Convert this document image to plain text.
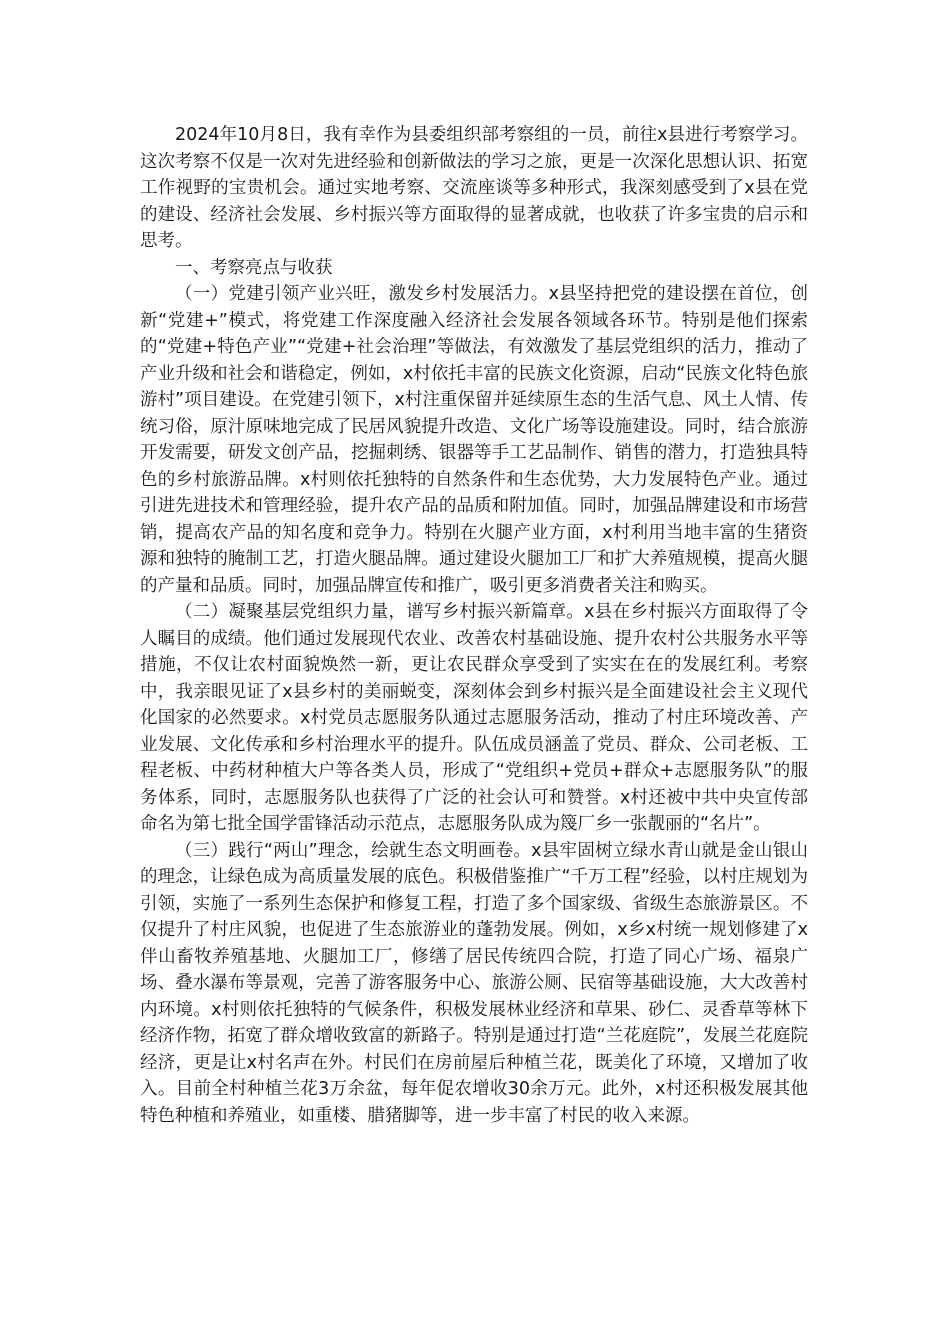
2024年10月8日，我有幸作为县委组织部考察组的一员，前往x县进行考察学习。这次考察不仅是一次对先进经验和创新做法的学习之旅，更是一次深化思想认识、拓宽工作视野的宝贵机会。通过实地考察、交流座谈等多种形式，我深刻感受到了x县在党的建设、经济社会发展、乡村振兴等方面取得的显著成就，也收获了许多宝贵的启示和思考。

一、考察亮点与收获

（一）党建引领产业兴旺，激发乡村发展活力。x县坚持把党的建设摆在首位，创新“党建+”模式，将党建工作深度融入经济社会发展各领域各环节。特别是他们探索的“党建+特色产业”“党建+社会治理”等做法，有效激发了基层党组织的活力，推动了产业升级和社会和谐稳定，例如，x村依托丰富的民族文化资源，启动“民族文化特色旅游村”项目建设。在党建引领下，x村注重保留并延续原生态的生活气息、风土人情、传统习俗，原汁原味地完成了民居风貌提升改造、文化广场等设施建设。同时，结合旅游开发需要，研发文创产品，挖掘刺绣、银器等手工艺品制作、销售的潜力，打造独具特色的乡村旅游品牌。x村则依托独特的自然条件和生态优势，大力发展特色产业。通过引进先进技术和管理经验，提升农产品的品质和附加值。同时，加强品牌建设和市场营销，提高农产品的知名度和竞争力。特别在火腿产业方面，x村利用当地丰富的生猪资源和独特的腌制工艺，打造火腿品牌。通过建设火腿加工厂和扩大养殖规模，提高火腿的产量和品质。同时，加强品牌宣传和推广，吸引更多消费者关注和购买。

（二）凝聚基层党组织力量，谱写乡村振兴新篇章。x县在乡村振兴方面取得了令人瞩目的成绩。他们通过发展现代农业、改善农村基础设施、提升农村公共服务水平等措施，不仅让农村面貌焕然一新，更让农民群众享受到了实实在在的发展红利。考察中，我亲眼见证了x县乡村的美丽蜕变，深刻体会到乡村振兴是全面建设社会主义现代化国家的必然要求。x村党员志愿服务队通过志愿服务活动，推动了村庄环境改善、产业发展、文化传承和乡村治理水平的提升。队伍成员涵盖了党员、群众、公司老板、工程老板、中药材种植大户等各类人员，形成了“党组织+党员+群众+志愿服务队”的服务体系，同时，志愿服务队也获得了广泛的社会认可和赞誉。x村还被中共中央宣传部命名为第七批全国学雷锋活动示范点，志愿服务队成为篾厂乡一张靓丽的“名片”。

（三）践行“两山”理念，绘就生态文明画卷。x县牢固树立绿水青山就是金山银山的理念，让绿色成为高质量发展的底色。积极借鉴推广“千万工程”经验，以村庄规划为引领，实施了一系列生态保护和修复工程，打造了多个国家级、省级生态旅游景区。不仅提升了村庄风貌，也促进了生态旅游业的蓬勃发展。例如，x乡x村统一规划修建了x伴山畜牧养殖基地、火腿加工厂，修缮了居民传统四合院，打造了同心广场、福泉广场、叠水瀑布等景观，完善了游客服务中心、旅游公厕、民宿等基础设施，大大改善村内环境。x村则依托独特的气候条件，积极发展林业经济和草果、砂仁、灵香草等林下经济作物，拓宽了群众增收致富的新路子。特别是通过打造“兰花庭院”，发展兰花庭院经济，更是让x村名声在外。村民们在房前屋后种植兰花，既美化了环境，又增加了收入。目前全村种植兰花3万余盆，每年促农增收30余万元。此外，x村还积极发展其他特色种植和养殖业，如重楼、腊猪脚等，进一步丰富了村民的收入来源。
